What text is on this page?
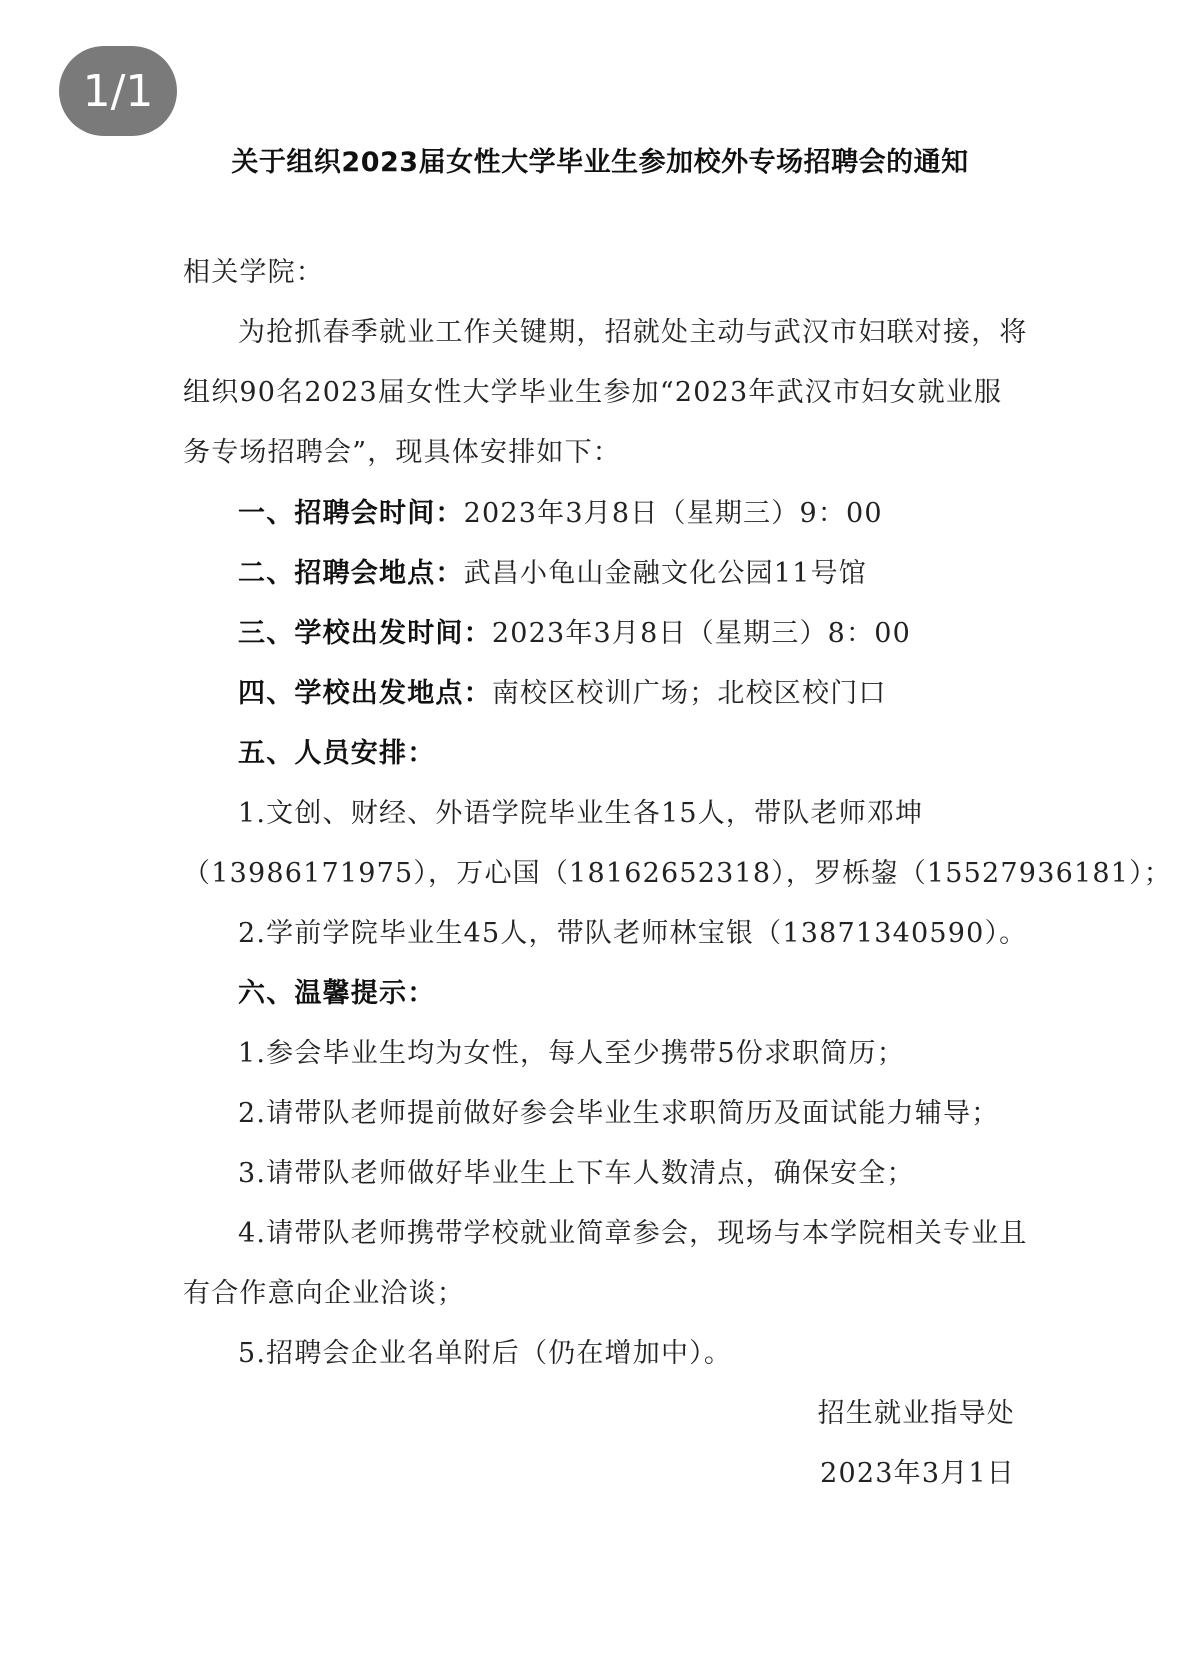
1/1
关于组织2023届女性大学毕业生参加校外专场招聘会的通知
相关学院：
为抢抓春季就业工作关键期，招就处主动与武汉市妇联对接，将
组织90名2023届女性大学毕业生参加“2023年武汉市妇女就业服
务专场招聘会”，现具体安排如下：
一、招聘会时间：2023年3月8日（星期三）9：00
二、招聘会地点：武昌小龟山金融文化公园11号馆
三、学校出发时间：2023年3月8日（星期三）8：00
四、学校出发地点：南校区校训广场；北校区校门口
五、人员安排：
1.文创、财经、外语学院毕业生各15人，带队老师邓坤
（13986171975），万心国（18162652318），罗栎鋆（15527936181）；
2.学前学院毕业生45人，带队老师林宝银（13871340590）。
六、温馨提示：
1.参会毕业生均为女性，每人至少携带5份求职简历；
2.请带队老师提前做好参会毕业生求职简历及面试能力辅导；
3.请带队老师做好毕业生上下车人数清点，确保安全；
4.请带队老师携带学校就业简章参会，现场与本学院相关专业且
有合作意向企业洽谈；
5.招聘会企业名单附后（仍在增加中）。
招生就业指导处
2023年3月1日
